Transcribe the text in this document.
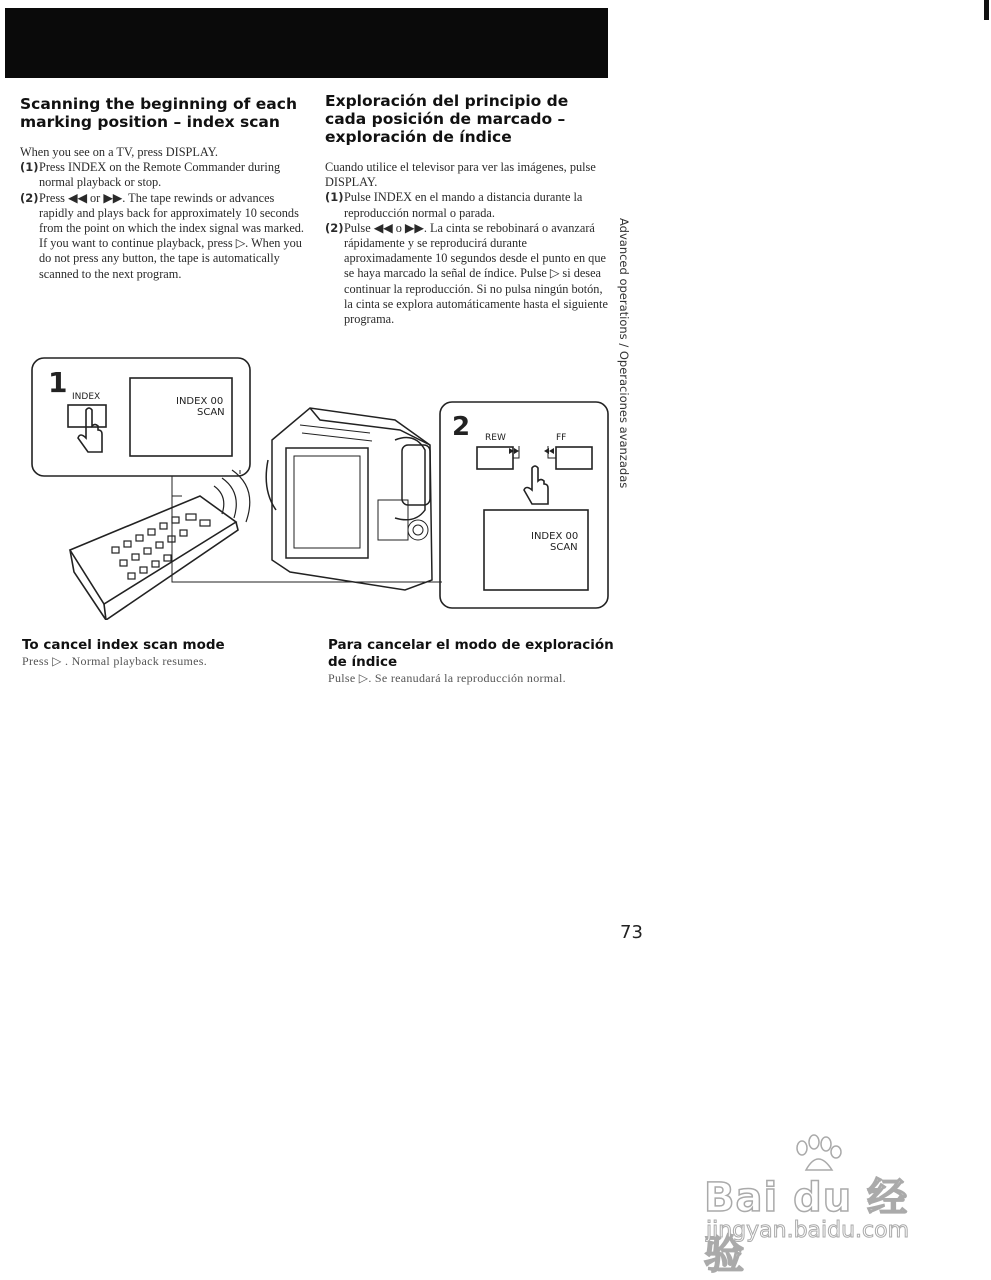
Scanning the beginning of each marking position – index scan

When you see on a TV, press DISPLAY.

(1) Press INDEX on the Remote Commander during normal playback or stop.
(2) Press ◀◀ or ▶▶. The tape rewinds or advances rapidly and plays back for approximately 10 seconds from the point on which the index signal was marked. If you want to continue playback, press ▷. When you do not press any button, the tape is automatically scanned to the next program.
Exploración del principio de cada posición de marcado – exploración de índice

Cuando utilice el televisor para ver las imágenes, pulse DISPLAY.

(1) Pulse INDEX en el mando a distancia durante la reproducción normal o parada.
(2) Pulse ◀◀ o ▶▶. La cinta se rebobinará o avanzará rápidamente y se reproducirá durante aproximadamente 10 segundos desde el punto en que se haya marcado la señal de índice. Pulse ▷ si desea continuar la reproducción. Si no pulsa ningún botón, la cinta se explora automáticamente hasta el siguiente programa.	Advanced operations / Operaciones avanzadas
1 INDEX	INDEX 00
SCAN	2 REW	FF
INDEX 00
SCAN

To cancel index scan mode

Press ▷ . Normal playback resumes.

Para cancelar el modo de exploración de índice

Pulse ▷. Se reanudará la reproducción normal.

73
Bai du 经验
jingyan.baidu.com
